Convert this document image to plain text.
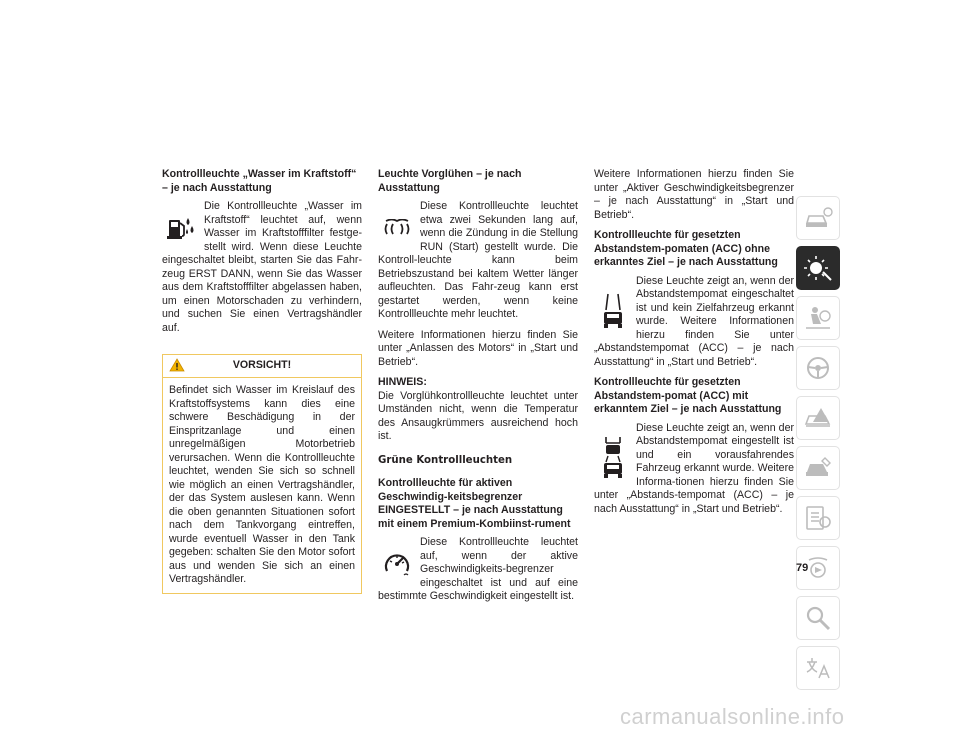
Kontrollleuchte „Wasser im Kraftstoff“ – je nach Ausstattung

Die Kontrollleuchte „Wasser im Kraftstoff“ leuchtet auf, wenn Wasser im Kraftstofffilter festge-stellt wird. Wenn diese Leuchte eingeschaltet bleibt, starten Sie das Fahr-zeug ERST DANN, wenn Sie das Wasser aus dem Kraftstofffilter abgelassen haben, um einen Motorschaden zu verhindern, und suchen Sie einen Vertragshändler auf.

VORSICHT!
Befindet sich Wasser im Kreislauf des Kraftstoffsystems kann dies eine schwere Beschädigung in der Einspritzanlage und einen unregelmäßigen Motorbetrieb verursachen. Wenn die Kontrollleuchte leuchtet, wenden Sie sich so schnell wie möglich an einen Vertragshändler, der das System auslesen kann. Wenn die oben genannten Situationen sofort nach dem Tankvorgang eintreffen, wurde eventuell Wasser in den Tank gegeben: schalten Sie den Motor sofort aus und wenden Sie sich an einen Vertragshändler.
Leuchte Vorglühen – je nach Ausstattung

Diese Kontrollleuchte leuchtet etwa zwei Sekunden lang auf, wenn die Zündung in die Stellung RUN (Start) gestellt wurde. Die Kontroll-leuchte kann beim Betriebszustand bei kaltem Wetter länger aufleuchten. Das Fahr-zeug kann erst gestartet werden, wenn keine Kontrollleuchte mehr leuchtet.

Weitere Informationen hierzu finden Sie unter „Anlassen des Motors“ in „Start und Betrieb“.

HINWEIS:

Die Vorglühkontrollleuchte leuchtet unter Umständen nicht, wenn die Temperatur des Ansaugkrümmers ausreichend hoch ist.

Grüne Kontrollleuchten
Kontrollleuchte für aktiven Geschwindig-keitsbegrenzer EINGESTELLT – je nach Ausstattung mit einem Premium-Kombiinst-rument

Diese Kontrollleuchte leuchtet auf, wenn der aktive Geschwindigkeits-begrenzer eingeschaltet ist und auf eine bestimmte Geschwindigkeit eingestellt ist.

Weitere Informationen hierzu finden Sie unter „Aktiver Geschwindigkeitsbegrenzer – je nach Ausstattung“ in „Start und Betrieb“.

Kontrollleuchte für gesetzten Abstandstem-pomaten (ACC) ohne erkanntes Ziel – je nach Ausstattung

Diese Leuchte zeigt an, wenn der Abstandstempomat eingeschaltet ist und kein Zielfahrzeug erkannt wurde. Weitere Informationen hierzu finden Sie unter „Abstandstempomat (ACC) – je nach Ausstattung“ in „Start und Betrieb“.

Kontrollleuchte für gesetzten Abstandstem-pomat (ACC) mit erkanntem Ziel – je nach Ausstattung

Diese Leuchte zeigt an, wenn der Abstandstempomat eingestellt ist und ein vorausfahrendes Fahrzeug erkannt wurde. Weitere Informa-tionen hierzu finden Sie unter „Abstands-tempomat (ACC) – je nach Ausstattung“ in „Start und Betrieb“.

79
carmanualsonline.info
